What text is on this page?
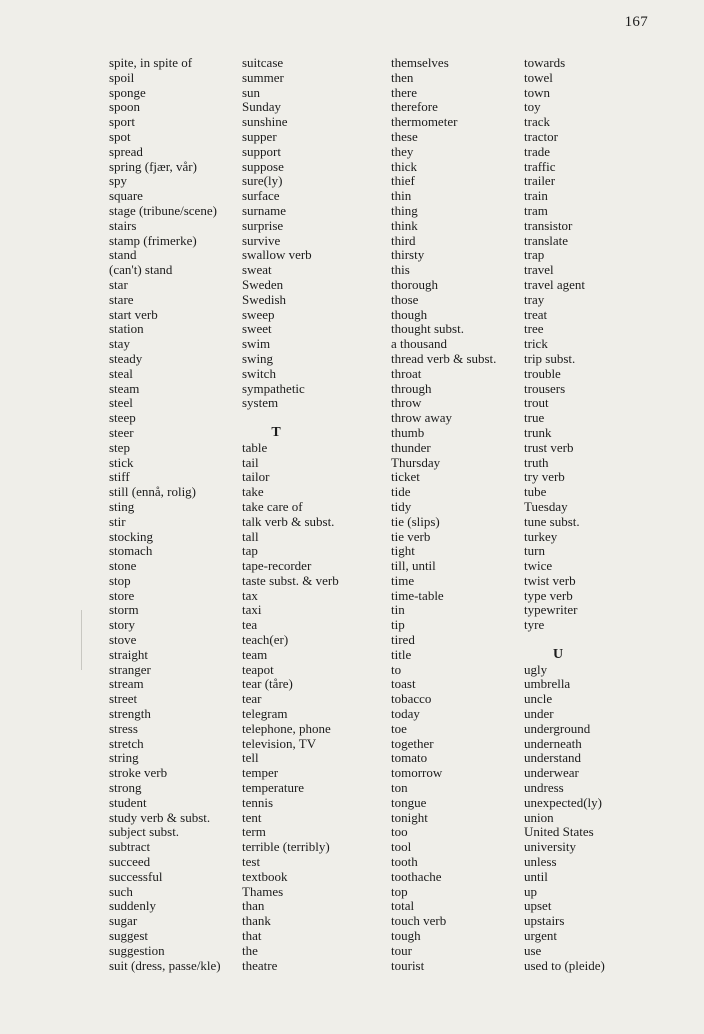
167
spite, in spite of
spoil
sponge
spoon
sport
spot
spread
spring (fjær, vår)
spy
square
stage (tribune/scene)
stairs
stamp (frimerke)
stand
(can't) stand
star
stare
start verb
station
stay
steady
steal
steam
steel
steep
steer
step
stick
stiff
still (ennå, rolig)
sting
stir
stocking
stomach
stone
stop
store
storm
story
stove
straight
stranger
stream
street
strength
stress
stretch
string
stroke verb
strong
student
study verb & subst.
subject subst.
subtract
succeed
successful
such
suddenly
sugar
suggest
suggestion
suit (dress, passe/kle)
suitcase
summer
sun
Sunday
sunshine
supper
support
suppose
sure(ly)
surface
surname
surprise
survive
swallow verb
sweat
Sweden
Swedish
sweep
sweet
swim
swing
switch
sympathetic
system
T
table
tail
tailor
take
take care of
talk verb & subst.
tall
tap
tape-recorder
taste subst. & verb
tax
taxi
tea
teach(er)
team
teapot
tear (tåre)
tear
telegram
telephone, phone
television, TV
tell
temper
temperature
tennis
tent
term
terrible (terribly)
test
textbook
Thames
than
thank
that
the
theatre
themselves
then
there
therefore
thermometer
these
they
thick
thief
thin
thing
think
third
thirsty
this
thorough
those
though
thought subst.
a thousand
thread verb & subst.
throat
through
throw
throw away
thumb
thunder
Thursday
ticket
tide
tidy
tie (slips)
tie verb
tight
till, until
time
time-table
tin
tip
tired
title
to
toast
tobacco
today
toe
together
tomato
tomorrow
ton
tongue
tonight
too
tool
tooth
toothache
top
total
touch verb
tough
tour
tourist
towards
towel
town
toy
track
tractor
trade
traffic
trailer
train
tram
transistor
translate
trap
travel
travel agent
tray
treat
tree
trick
trip subst.
trouble
trousers
trout
true
trunk
trust verb
truth
try verb
tube
Tuesday
tune subst.
turkey
turn
twice
twist verb
type verb
typewriter
tyre
U
ugly
umbrella
uncle
under
underground
underneath
understand
underwear
undress
unexpected(ly)
union
United States
university
unless
until
up
upset
upstairs
urgent
use
used to (pleide)
